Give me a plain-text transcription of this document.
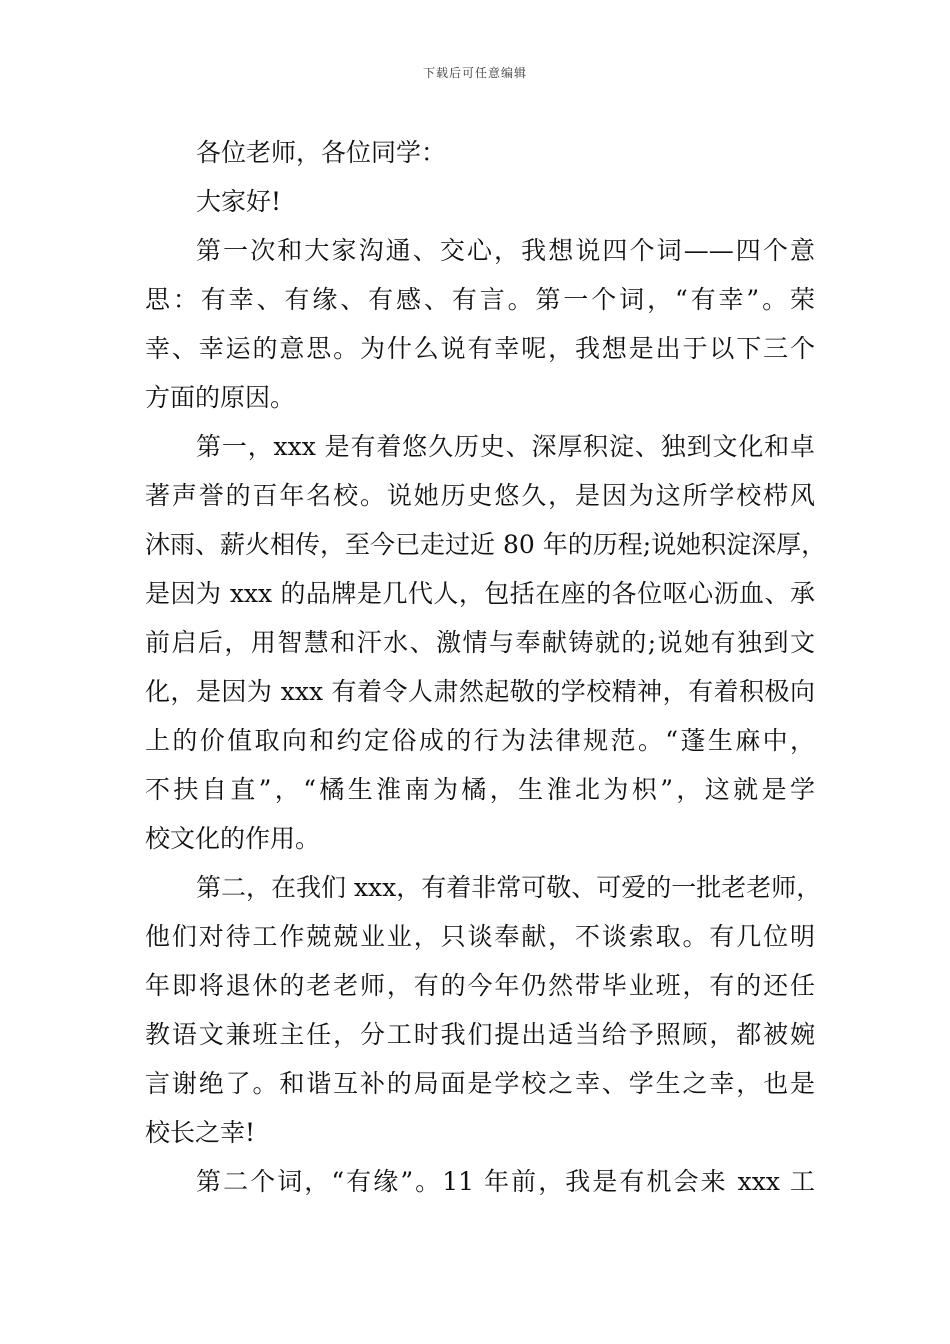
下载后可任意编辑
各位老师，各位同学：
大家好!
第一次和大家沟通、交心，我想说四个词——四个意
思：有幸、有缘、有感、有言。第一个词，“有幸”。荣
幸、幸运的意思。为什么说有幸呢，我想是出于以下三个
方面的原因。
第一，xxx 是有着悠久历史、深厚积淀、独到文化和卓
著声誉的百年名校。说她历史悠久，是因为这所学校栉风
沐雨、薪火相传，至今已走过近 80 年的历程;说她积淀深厚，
是因为 xxx 的品牌是几代人，包括在座的各位呕心沥血、承
前启后，用智慧和汗水、激情与奉献铸就的;说她有独到文
化，是因为 xxx 有着令人肃然起敬的学校精神，有着积极向
上的价值取向和约定俗成的行为法律规范。“蓬生麻中，
不扶自直”，“橘生淮南为橘，生淮北为枳”，这就是学
校文化的作用。
第二，在我们 xxx，有着非常可敬、可爱的一批老老师，
他们对待工作兢兢业业，只谈奉献，不谈索取。有几位明
年即将退休的老老师，有的今年仍然带毕业班，有的还任
教语文兼班主任，分工时我们提出适当给予照顾，都被婉
言谢绝了。和谐互补的局面是学校之幸、学生之幸，也是
校长之幸!
第二个词，“有缘”。11 年前，我是有机会来 xxx 工
